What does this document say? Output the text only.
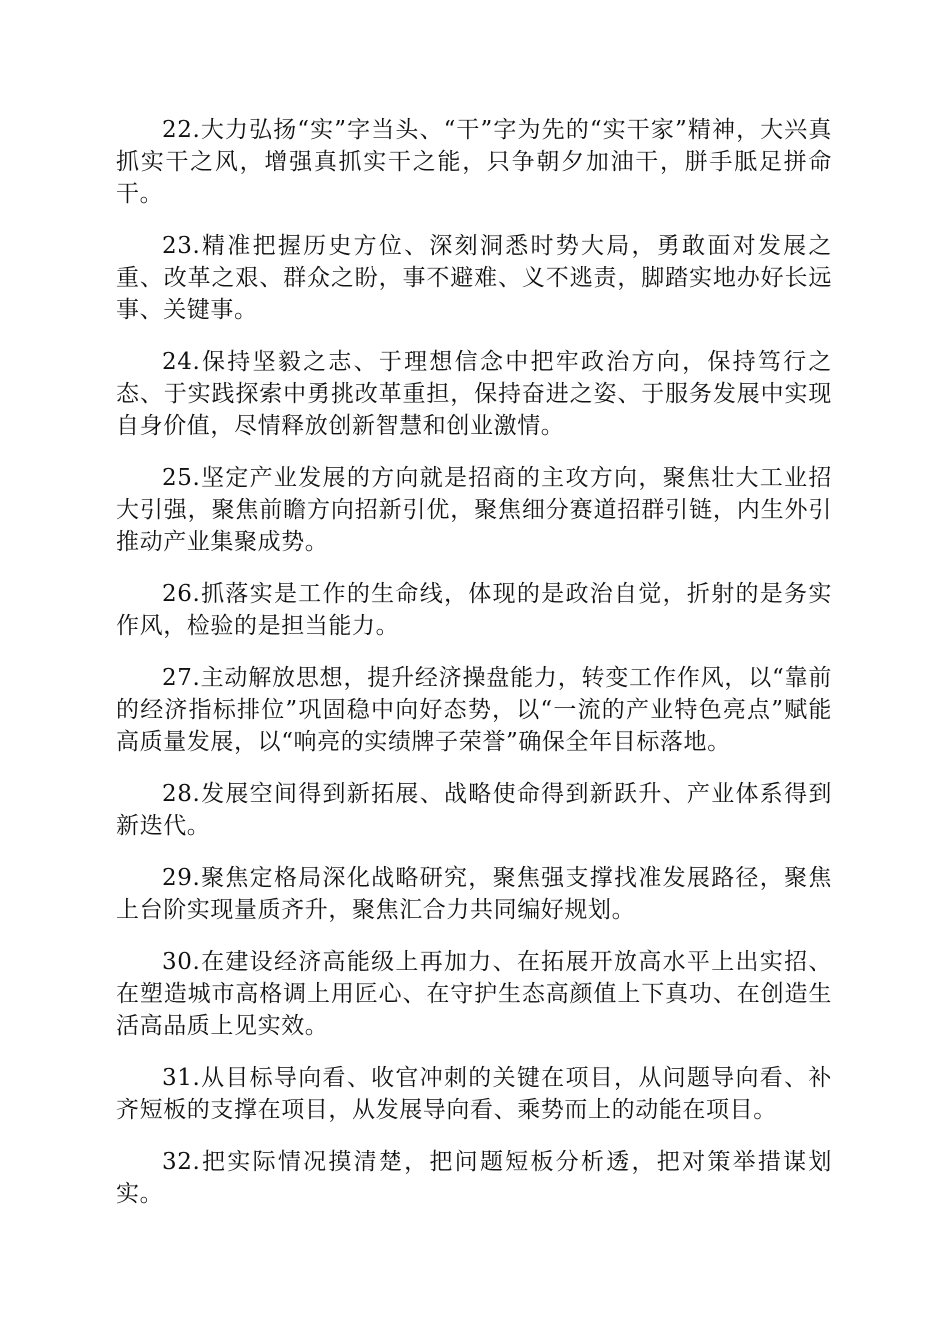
22.大力弘扬“实”字当头、“干”字为先的“实干家”精神，大兴真抓实干之风，增强真抓实干之能，只争朝夕加油干，胼手胝足拼命干。

23.精准把握历史方位、深刻洞悉时势大局，勇敢面对发展之重、改革之艰、群众之盼，事不避难、义不逃责，脚踏实地办好长远事、关键事。

24.保持坚毅之志、于理想信念中把牢政治方向，保持笃行之态、于实践探索中勇挑改革重担，保持奋进之姿、于服务发展中实现自身价值，尽情释放创新智慧和创业激情。

25.坚定产业发展的方向就是招商的主攻方向，聚焦壮大工业招大引强，聚焦前瞻方向招新引优，聚焦细分赛道招群引链，内生外引推动产业集聚成势。

26.抓落实是工作的生命线，体现的是政治自觉，折射的是务实作风，检验的是担当能力。

27.主动解放思想，提升经济操盘能力，转变工作作风，以“靠前的经济指标排位”巩固稳中向好态势，以“一流的产业特色亮点”赋能高质量发展，以“响亮的实绩牌子荣誉”确保全年目标落地。

28.发展空间得到新拓展、战略使命得到新跃升、产业体系得到新迭代。

29.聚焦定格局深化战略研究，聚焦强支撑找准发展路径，聚焦上台阶实现量质齐升，聚焦汇合力共同编好规划。

30.在建设经济高能级上再加力、在拓展开放高水平上出实招、在塑造城市高格调上用匠心、在守护生态高颜值上下真功、在创造生活高品质上见实效。

31.从目标导向看、收官冲刺的关键在项目，从问题导向看、补齐短板的支撑在项目，从发展导向看、乘势而上的动能在项目。

32.把实际情况摸清楚，把问题短板分析透，把对策举措谋划实。
